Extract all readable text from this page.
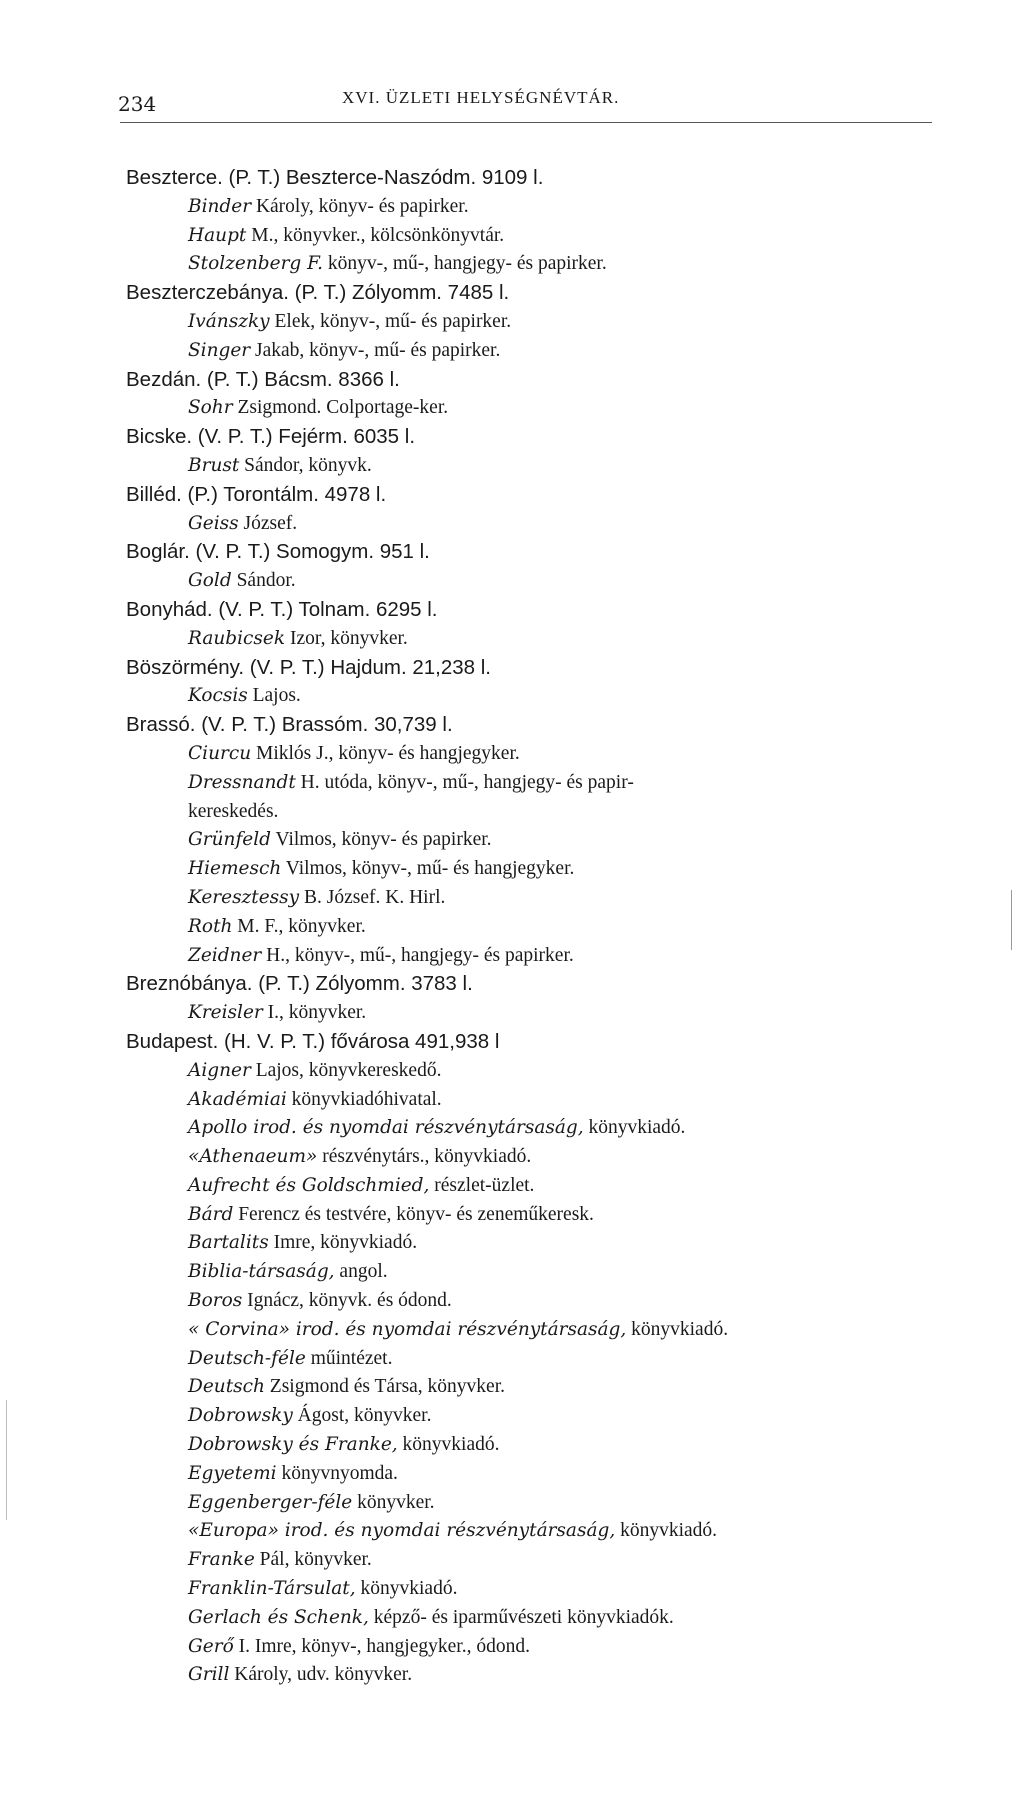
234	XVI. ÜZLETI HELYSÉGNÉVTÁR.
Beszterce. (P. T.) Beszterce-Naszódm. 9109 l.
Binder Károly, könyv- és papirker.
Haupt M., könyvker., kölcsönkönyvtár.
Stolzenberg F. könyv-, mű-, hangjegy- és papirker.
Beszterczebánya. (P. T.) Zólyomm. 7485 l.
Ivánszky Elek, könyv-, mű- és papirker.
Singer Jakab, könyv-, mű- és papirker.
Bezdán. (P. T.) Bácsm. 8366 l.
Sohr Zsigmond. Colportage-ker.
Bicske. (V. P. T.) Fejérm. 6035 l.
Brust Sándor, könyvk.
Billéd. (P.) Torontálm. 4978 l.
Geiss József.
Boglár. (V. P. T.) Somogym. 951 l.
Gold Sándor.
Bonyhád. (V. P. T.) Tolnam. 6295 l.
Raubicsek Izor, könyvker.
Böszörmény. (V. P. T.) Hajdum. 21,238 l.
Kocsis Lajos.
Brassó. (V. P. T.) Brassóm. 30,739 l.
Ciurcu Miklós J., könyv- és hangjegyker.
Dressnandt H. utóda, könyv-, mű-, hangjegy- és papir-
kereskedés.
Grünfeld Vilmos, könyv- és papirker.
Hiemesch Vilmos, könyv-, mű- és hangjegyker.
Keresztessy B. József. K. Hirl.
Roth M. F., könyvker.
Zeidner H., könyv-, mű-, hangjegy- és papirker.
Breznóbánya. (P. T.) Zólyomm. 3783 l.
Kreisler I., könyvker.
Budapest. (H. V. P. T.) fővárosa 491,938 l
Aigner Lajos, könyvkereskedő.
Akadémiai könyvkiadóhivatal.
Apollo irod. és nyomdai részvénytársaság, könyvkiadó.
«Athenaeum» részvénytárs., könyvkiadó.
Aufrecht és Goldschmied, részlet-üzlet.
Bárd Ferencz és testvére, könyv- és zeneműkeresk.
Bartalits Imre, könyvkiadó.
Biblia-társaság, angol.
Boros Ignácz, könyvk. és ódond.
« Corvina» irod. és nyomdai részvénytársaság, könyvkiadó.
Deutsch-féle műintézet.
Deutsch Zsigmond és Társa, könyvker.
Dobrowsky Ágost, könyvker.
Dobrowsky és Franke, könyvkiadó.
Egyetemi könyvnyomda.
Eggenberger-féle könyvker.
«Europa» irod. és nyomdai részvénytársaság, könyvkiadó.
Franke Pál, könyvker.
Franklin-Társulat, könyvkiadó.
Gerlach és Schenk, képző- és iparművészeti könyvkiadók.
Gerő I. Imre, könyv-, hangjegyker., ódond.
Grill Károly, udv. könyvker.
